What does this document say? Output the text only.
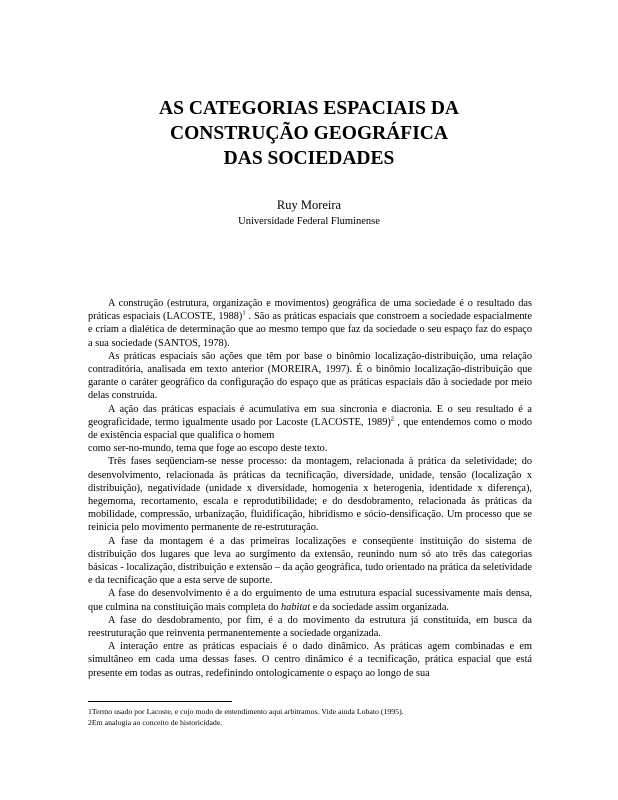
AS CATEGORIAS ESPACIAIS DA
CONSTRUÇÃO GEOGRÁFICA
DAS SOCIEDADES
Ruy Moreira
Universidade Federal Fluminense

A construção (estrutura, organização e movimentos) geográfica de uma sociedade é o resultado das práticas espaciais (LACOSTE, 1988)$^1$ . São as práticas espaciais que constroem a sociedade espacialmente e criam a dialética de determinação que ao mesmo tempo que faz da sociedade o seu espaço faz do espaço a sua sociedade (SANTOS, 1978).

As práticas espaciais são ações que têm por base o binômio localização-distribuição, uma relação contraditória, analisada em texto anterior (MOREIRA, 1997). É o binômio localização-distribuição que garante o caráter geográfico da configuração do espaço que as práticas espaciais dão à sociedade por meio delas construída.

A ação das práticas espaciais é acumulativa em sua sincronia e diacronia. E o seu resultado é a geograficidade, termo igualmente usado por Lacoste (LACOSTE, 1989)$^2$ , que entendemos como o modo de existência espacial que qualifica o homem

como ser-no-mundo, tema que foge ao escopo deste texto.

Três fases seqüenciam-se nesse processo: da montagem, relacionada à prática da seletividade; do desenvolvimento, relacionada às práticas da tecnificação, diversidade, unidade, tensão (localização x distribuição), negatividade (unidade x diversidade, homogenia x heterogenia, identidade x diferença), hegemoma, recortamento, escala e reprodutibilidade; e do desdobramento, relacionada às práticas da mobilidade, compressão, urbanização, fluidificação, hibridismo e sócio-densificação. Um processo que se reinicia pelo movimento permanente de re-estruturação.

A fase da montagem é a das primeiras localizações e conseqüente instituição do sistema de distribuição dos lugares que leva ao surgimento da extensão, reunindo num só ato três das categorias básicas - localização, distribuição e extensão – da ação geográfica, tudo orientado na prática da seletividade e da tecnificação que a esta serve de suporte.

A fase do desenvolvimento é a do erguimento de uma estrutura espacial sucessivamente mais densa, que culmina na constituição mais completa do habitat e da sociedade assim organizada.

A fase do desdobramento, por fim, é a do movimento da estrutura já constituída, em busca da reestruturação que reinventa permanentemente a sociedade organizada.

A interação entre as práticas espaciais é o dado dinâmico. As práticas agem combinadas e em simultâneo em cada uma dessas fases. O centro dinâmico é a tecnificação, prática espacial que está presente em todas as outras, redefinindo ontologicamente o espaço ao longo de sua

1Termo usado por Lacoste, e cujo modo de entendimento aqui arbitramos. Vide ainda Lobato (1995).
2Em analogia ao conceito de historicidade.
